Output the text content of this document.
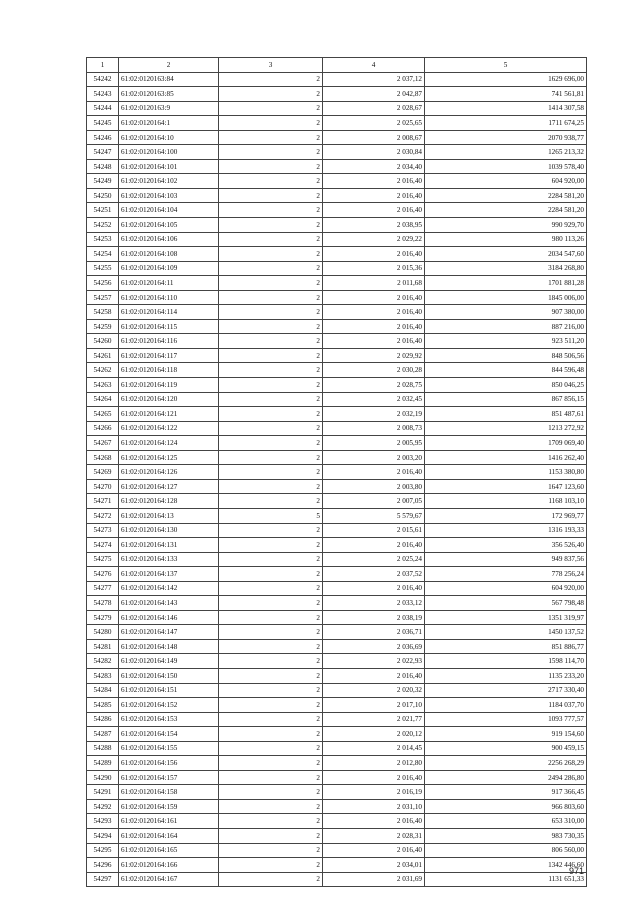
1	2	3	4	5
54242	61:02:0120163:84	2	2 037,12	1629 696,00
54243	61:02:0120163:85	2	2 042,87	741 561,81
54244	61:02:0120163:9	2	2 028,67	1414 307,58
54245	61:02:0120164:1	2	2 025,65	1711 674,25
54246	61:02:0120164:10	2	2 008,67	2070 938,77
54247	61:02:0120164:100	2	2 030,84	1265 213,32
54248	61:02:0120164:101	2	2 034,40	1039 578,40
54249	61:02:0120164:102	2	2 016,40	604 920,00
54250	61:02:0120164:103	2	2 016,40	2284 581,20
54251	61:02:0120164:104	2	2 016,40	2284 581,20
54252	61:02:0120164:105	2	2 038,95	990 929,70
54253	61:02:0120164:106	2	2 029,22	980 113,26
54254	61:02:0120164:108	2	2 016,40	2034 547,60
54255	61:02:0120164:109	2	2 015,36	3184 268,80
54256	61:02:0120164:11	2	2 011,68	1701 881,28
54257	61:02:0120164:110	2	2 016,40	1845 006,00
54258	61:02:0120164:114	2	2 016,40	907 380,00
54259	61:02:0120164:115	2	2 016,40	887 216,00
54260	61:02:0120164:116	2	2 016,40	923 511,20
54261	61:02:0120164:117	2	2 029,92	848 506,56
54262	61:02:0120164:118	2	2 030,28	844 596,48
54263	61:02:0120164:119	2	2 028,75	850 046,25
54264	61:02:0120164:120	2	2 032,45	867 856,15
54265	61:02:0120164:121	2	2 032,19	851 487,61
54266	61:02:0120164:122	2	2 008,73	1213 272,92
54267	61:02:0120164:124	2	2 005,95	1709 069,40
54268	61:02:0120164:125	2	2 003,20	1416 262,40
54269	61:02:0120164:126	2	2 016,40	1153 380,80
54270	61:02:0120164:127	2	2 003,80	1647 123,60
54271	61:02:0120164:128	2	2 007,05	1168 103,10
54272	61:02:0120164:13	5	5 579,67	172 969,77
54273	61:02:0120164:130	2	2 015,61	1316 193,33
54274	61:02:0120164:131	2	2 016,40	356 526,40
54275	61:02:0120164:133	2	2 025,24	949 837,56
54276	61:02:0120164:137	2	2 037,52	778 256,24
54277	61:02:0120164:142	2	2 016,40	604 920,00
54278	61:02:0120164:143	2	2 033,12	567 798,48
54279	61:02:0120164:146	2	2 038,19	1351 319,97
54280	61:02:0120164:147	2	2 036,71	1450 137,52
54281	61:02:0120164:148	2	2 036,69	851 886,77
54282	61:02:0120164:149	2	2 022,93	1598 114,70
54283	61:02:0120164:150	2	2 016,40	1135 233,20
54284	61:02:0120164:151	2	2 020,32	2717 330,40
54285	61:02:0120164:152	2	2 017,10	1184 037,70
54286	61:02:0120164:153	2	2 021,77	1093 777,57
54287	61:02:0120164:154	2	2 020,12	919 154,60
54288	61:02:0120164:155	2	2 014,45	900 459,15
54289	61:02:0120164:156	2	2 012,80	2256 268,29
54290	61:02:0120164:157	2	2 016,40	2494 286,80
54291	61:02:0120164:158	2	2 016,19	917 366,45
54292	61:02:0120164:159	2	2 031,10	966 803,60
54293	61:02:0120164:161	2	2 016,40	653 310,00
54294	61:02:0120164:164	2	2 028,31	983 730,35
54295	61:02:0120164:165	2	2 016,40	806 560,00
54296	61:02:0120164:166	2	2 034,01	1342 446,60
54297	61:02:0120164:167	2	2 031,69	1131 651,33
971
